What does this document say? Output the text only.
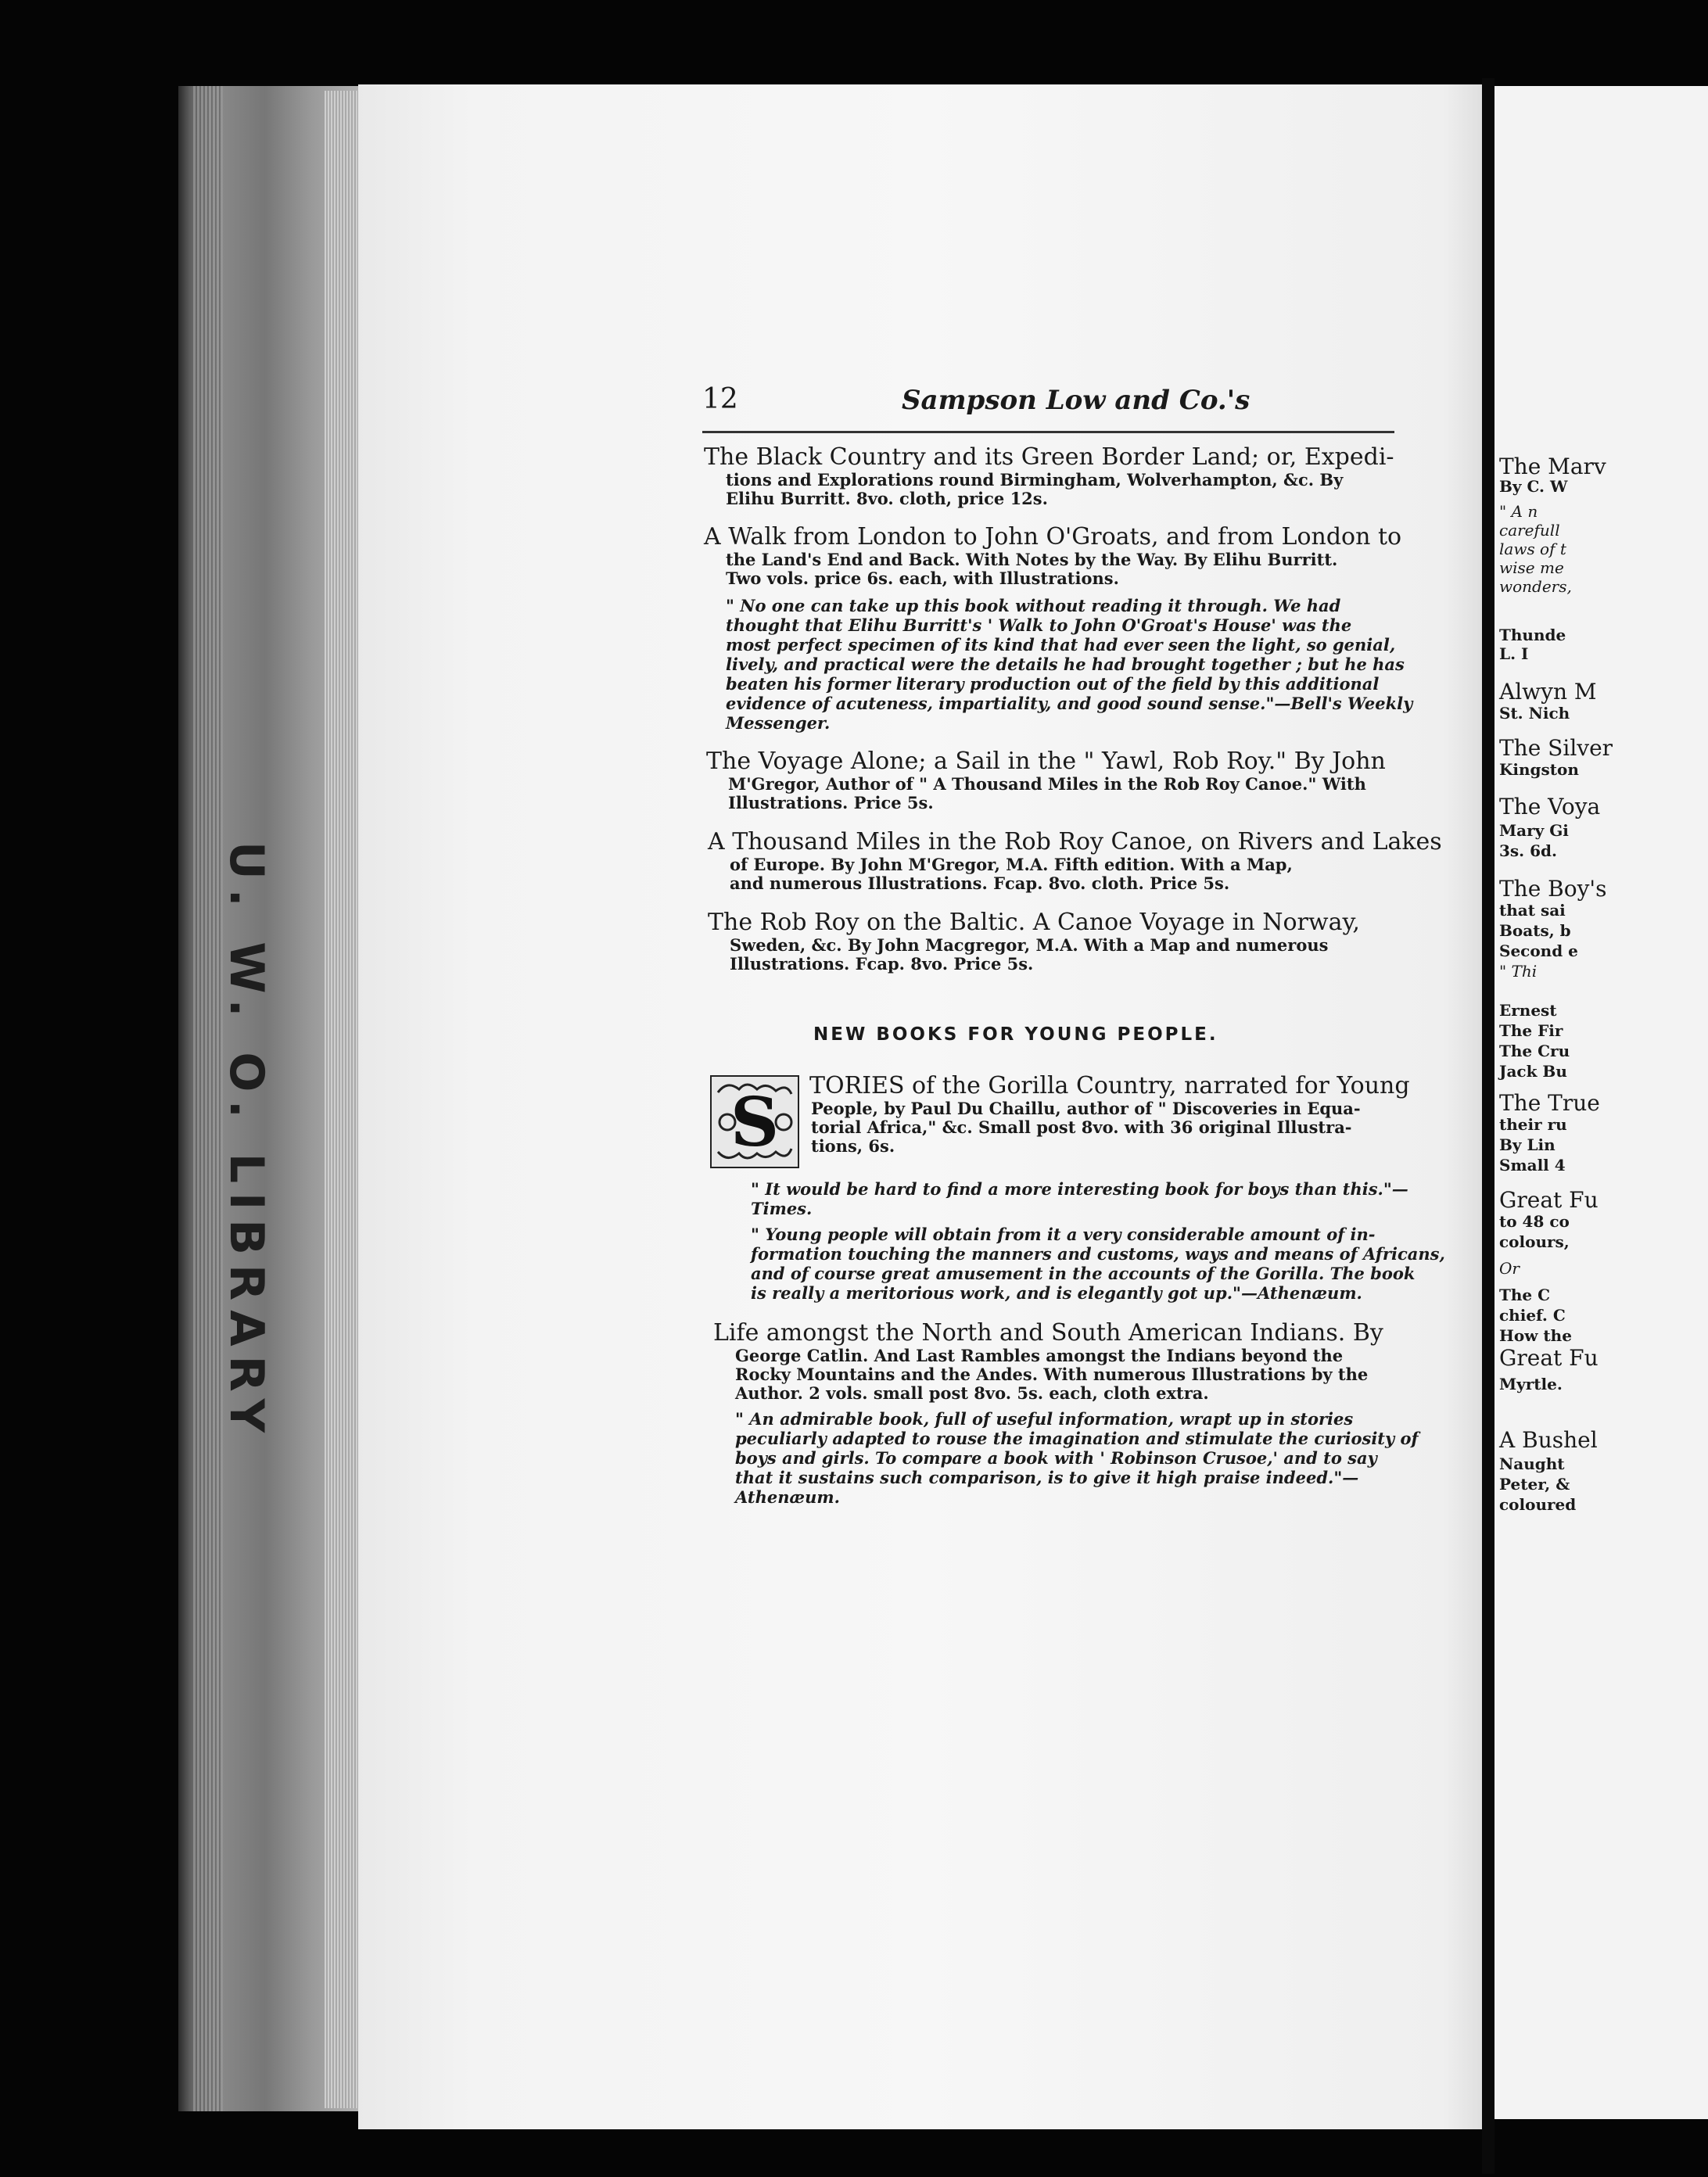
U. W. O. LIBRARY
12	Sampson Low and Co.'s
The Black Country and its Green Border Land; or, Expedi-
tions and Explorations round Birmingham, Wolverhampton, &c. By
Elihu Burritt. 8vo. cloth, price 12s.
A Walk from London to John O'Groats, and from London to
the Land's End and Back. With Notes by the Way. By Elihu Burritt.
Two vols. price 6s. each, with Illustrations.
" No one can take up this book without reading it through. We had
thought that Elihu Burritt's ' Walk to John O'Groat's House' was the
most perfect specimen of its kind that had ever seen the light, so genial,
lively, and practical were the details he had brought together ; but he has
beaten his former literary production out of the field by this additional
evidence of acuteness, impartiality, and good sound sense."—Bell's Weekly
Messenger.
The Voyage Alone; a Sail in the " Yawl, Rob Roy." By John
M'Gregor, Author of " A Thousand Miles in the Rob Roy Canoe." With
Illustrations. Price 5s.
A Thousand Miles in the Rob Roy Canoe, on Rivers and Lakes
of Europe. By John M'Gregor, M.A. Fifth edition. With a Map,
and numerous Illustrations. Fcap. 8vo. cloth. Price 5s.
The Rob Roy on the Baltic. A Canoe Voyage in Norway,
Sweden, &c. By John Macgregor, M.A. With a Map and numerous
Illustrations. Fcap. 8vo. Price 5s.
NEW BOOKS FOR YOUNG PEOPLE.
S TORIES of the Gorilla Country, narrated for Young
People, by Paul Du Chaillu, author of " Discoveries in Equa-
torial Africa," &c. Small post 8vo. with 36 original Illustra-
tions, 6s.
" It would be hard to find a more interesting book for boys than this."—
Times.
" Young people will obtain from it a very considerable amount of in-
formation touching the manners and customs, ways and means of Africans,
and of course great amusement in the accounts of the Gorilla. The book
is really a meritorious work, and is elegantly got up."—Athenæum.
Life amongst the North and South American Indians. By
George Catlin. And Last Rambles amongst the Indians beyond the
Rocky Mountains and the Andes. With numerous Illustrations by the
Author. 2 vols. small post 8vo. 5s. each, cloth extra.
" An admirable book, full of useful information, wrapt up in stories
peculiarly adapted to rouse the imagination and stimulate the curiosity of
boys and girls. To compare a book with ' Robinson Crusoe,' and to say
that it sustains such comparison, is to give it high praise indeed."—
Athenæum.
The Marv
By C. W
" A n
carefull
laws of t
wise me
wonders,
Thunde
L. I
Alwyn M
St. Nich
The Silver
Kingston
The Voya
Mary Gi
3s. 6d.
The Boy's
that sai
Boats, b
Second e
" Thi
Ernest
The Fir
The Cru
Jack Bu
The True
their ru
By Lin
Small 4
Great Fu
to 48 co
colours,
Or
The C
chief. C
How the
Great Fu
Myrtle.
A Bushel
Naught
Peter, &
coloured
